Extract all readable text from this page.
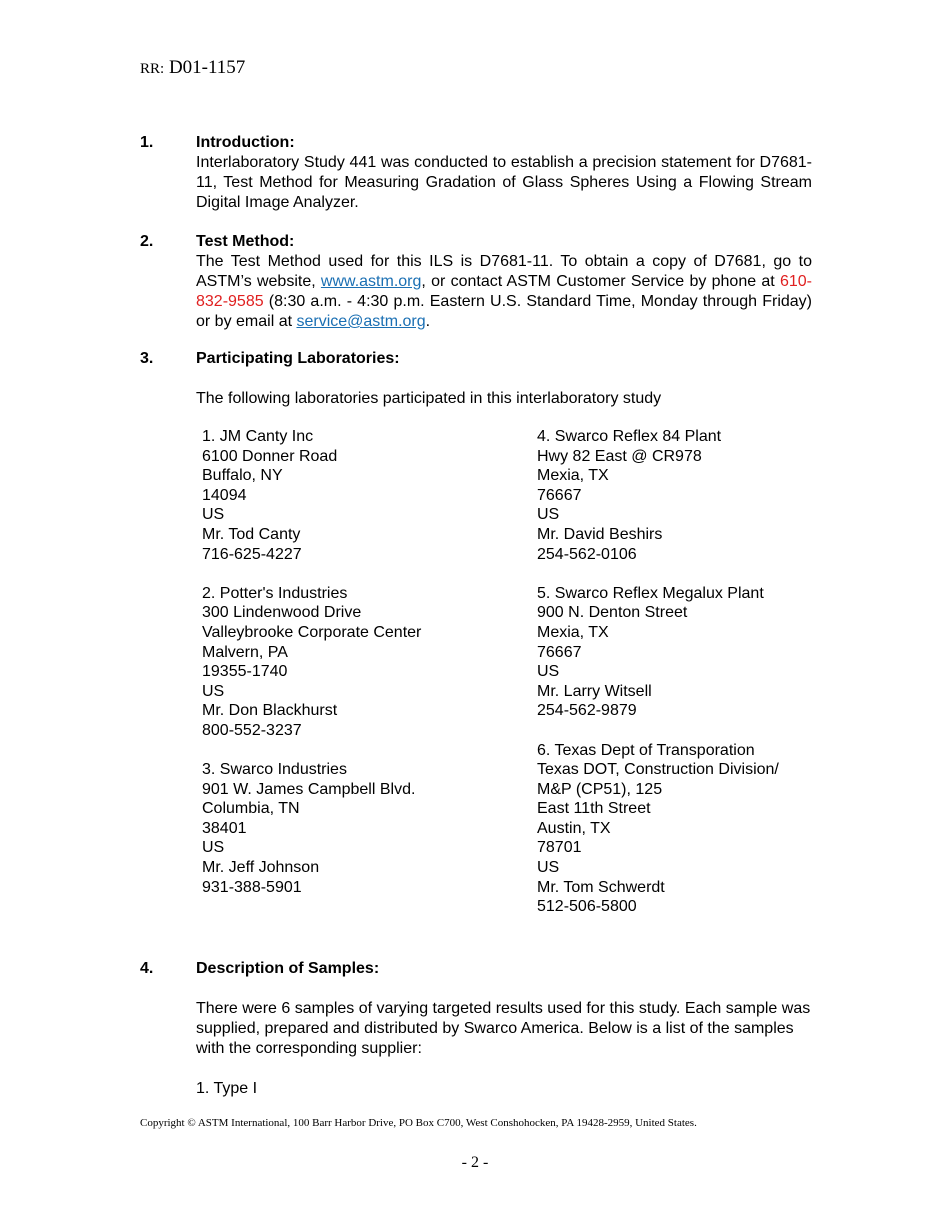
RR: D01-1157
1.	Introduction:
Interlaboratory Study 441 was conducted to establish a precision statement for D7681-11, Test Method for Measuring Gradation of Glass Spheres Using a Flowing Stream Digital Image Analyzer.
2.	Test Method:
The Test Method used for this ILS is D7681-11. To obtain a copy of D7681, go to ASTM’s website, www.astm.org, or contact ASTM Customer Service by phone at 610-832-9585 (8:30 a.m. - 4:30 p.m. Eastern U.S. Standard Time, Monday through Friday) or by email at service@astm.org.
3.	Participating Laboratories:
The following laboratories participated in this interlaboratory study
1. JM Canty Inc
6100 Donner Road
Buffalo, NY
14094
US
Mr. Tod Canty
716-625-4227
2. Potter's Industries
300 Lindenwood Drive
Valleybrooke Corporate Center
Malvern, PA
19355-1740
US
Mr. Don Blackhurst
800-552-3237
3. Swarco Industries
901 W. James Campbell Blvd.
Columbia, TN
38401
US
Mr. Jeff Johnson
931-388-5901
4. Swarco Reflex 84 Plant
Hwy 82 East @ CR978
Mexia, TX
76667
US
Mr. David Beshirs
254-562-0106
5. Swarco Reflex Megalux Plant
900 N. Denton Street
Mexia, TX
76667
US
Mr. Larry Witsell
254-562-9879
6. Texas Dept of Transporation
Texas DOT, Construction Division/
M&P (CP51), 125
East 11th Street
Austin, TX
78701
US
Mr. Tom Schwerdt
512-506-5800
4.	Description of Samples:
There were 6 samples of varying targeted results used for this study. Each sample was supplied, prepared and distributed by Swarco America. Below is a list of the samples with the corresponding supplier:
1. Type I
Copyright © ASTM International, 100 Barr Harbor Drive, PO Box C700, West Conshohocken, PA 19428-2959, United States.
- 2 -
